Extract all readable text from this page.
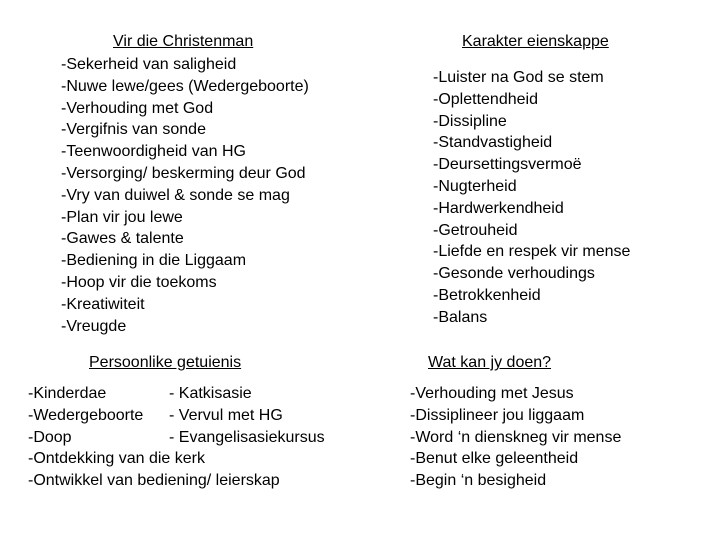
Vir die Christenman
-Sekerheid van saligheid
-Nuwe lewe/gees (Wedergeboorte)
-Verhouding met God
-Vergifnis van sonde
-Teenwoordigheid van HG
-Versorging/ beskerming deur God
-Vry van duiwel & sonde se mag
-Plan vir jou lewe
-Gawes & talente
-Bediening in die Liggaam
-Hoop vir die toekoms
-Kreatiwiteit
-Vreugde
Karakter eienskappe
-Luister na God se stem
-Oplettendheid
-Dissipline
-Standvastigheid
-Deursettingsvermoë
-Nugterheid
-Hardwerkendheid
-Getrouheid
-Liefde en respek vir mense
-Gesonde verhoudings
-Betrokkenheid
-Balans
Persoonlike getuienis
-Kinderdae	- Katkisasie
-Wedergeboorte	- Vervul met HG
-Doop	- Evangelisasiekursus
-Ontdekking van die kerk
-Ontwikkel van bediening/ leierskap
Wat kan jy doen?
-Verhouding met Jesus
-Dissiplineer jou liggaam
-Word ‘n dienskneg vir mense
-Benut elke geleentheid
-Begin ‘n besigheid
